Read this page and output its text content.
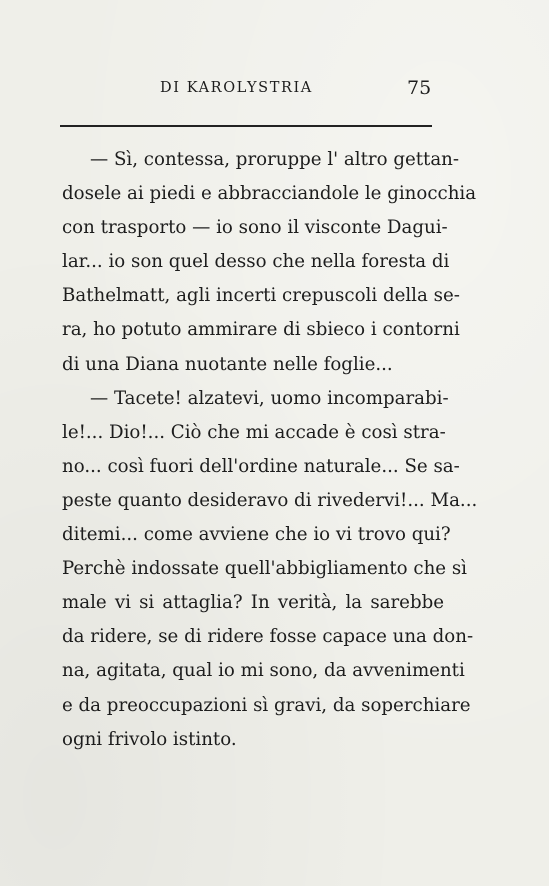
DI KAROLYSTRIA	75
— Sì, contessa, proruppe l' altro gettan-
dosele ai piedi e abbracciandole le ginocchia
con trasporto — io sono il visconte Dagui-
lar... io son quel desso che nella foresta di
Bathelmatt, agli incerti crepuscoli della se-
ra, ho potuto ammirare di sbieco i contorni
di una Diana nuotante nelle foglie...
— Tacete! alzatevi, uomo incomparabi-
le!... Dio!... Ciò che mi accade è così stra-
no... così fuori dell'ordine naturale... Se sa-
peste quanto desideravo di rivedervi!... Ma...
ditemi... come avviene che io vi trovo qui?
Perchè indossate quell'abbigliamento che sì
male vi si attaglia? In verità, la sarebbe
da ridere, se di ridere fosse capace una don-
na, agitata, qual io mi sono, da avvenimenti
e da preoccupazioni sì gravi, da soperchiare
ogni frivolo istinto.
